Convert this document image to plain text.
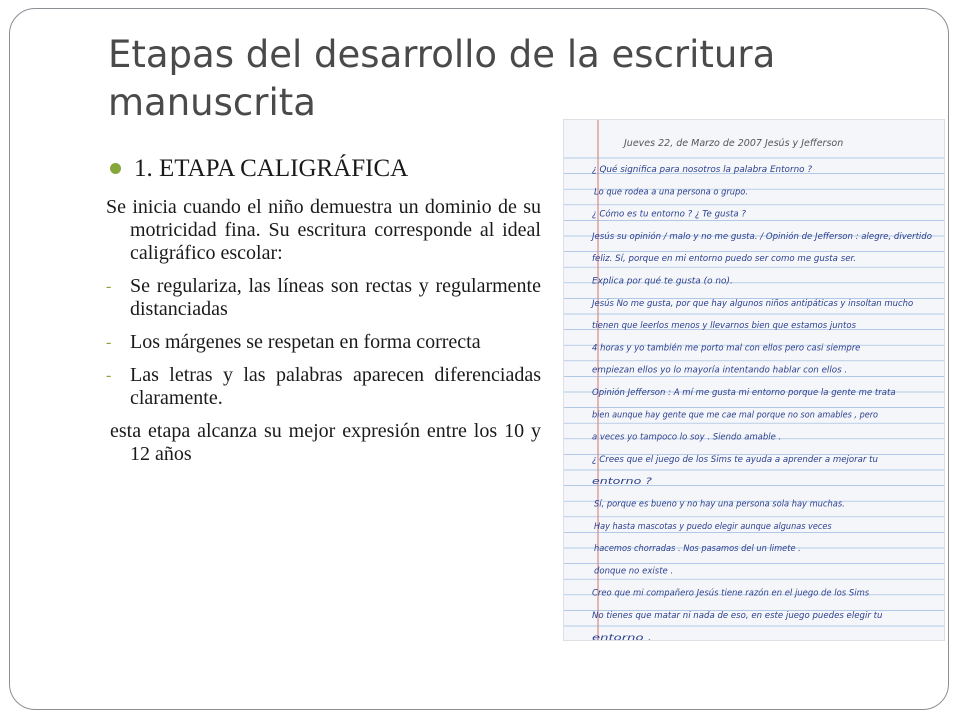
Etapas del desarrollo de la escritura manuscrita
1. ETAPA CALIGRÁFICA

Se inicia cuando el niño demuestra un dominio de su motricidad fina. Su escritura corresponde al ideal caligráfico escolar:

- Se regulariza, las líneas son rectas y regularmente distanciadas
- Los márgenes se respetan en forma correcta
- Las letras y las palabras aparecen diferenciadas claramente.

esta etapa alcanza su mejor expresión entre los 10 y 12 años

Jueves 22, de Marzo de 2007 Jesús y Jefferson
¿ Qué significa para nosotros la palabra Entorno ?
Lo que rodea a una persona o grupo.
¿ Cómo es tu entorno ? ¿ Te gusta ?
Jesús su opinión / malo y no me gusta. / Opinión de Jefferson : alegre, divertido
feliz. Sí, porque en mi entorno puedo ser como me gusta ser.
Explica por qué te gusta (o no).
Jesús No me gusta, por que hay algunos niños antipáticas y insoltan mucho
tienen que leerlos menos y llevarnos bien que estamos juntos
4 horas y yo también me porto mal con ellos pero casi siempre
empiezan ellos yo lo mayoría intentando hablar con ellos .
Opinión Jefferson : A mí me gusta mi entorno porque la gente me trata
bien aunque hay gente que me cae mal porque no son amables , pero
a veces yo tampoco lo soy . Siendo amable .
¿ Crees que el juego de los Sims te ayuda a aprender a mejorar tu
entorno ?
Sí, porque es bueno y no hay una persona sola hay muchas.
Hay hasta mascotas y puedo elegir aunque algunas veces
hacemos chorradas . Nos pasamos del un limete .
donque no existe .
Creo que mi compañero Jesús tiene razón en el juego de los Sims
No tienes que matar ni nada de eso, en este juego puedes elegir tu
entorno .
